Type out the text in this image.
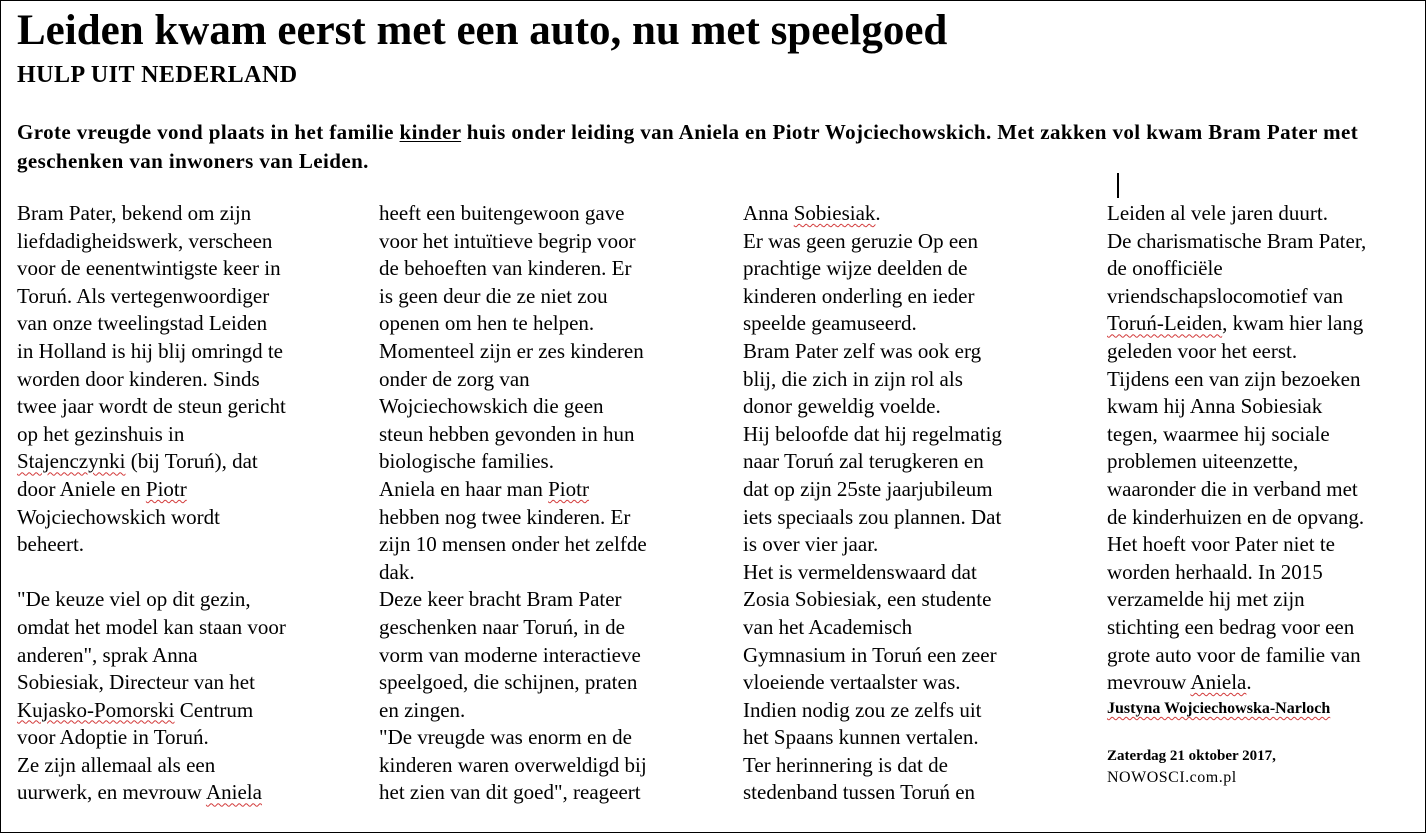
Leiden kwam eerst met een auto, nu met speelgoed
HULP UIT NEDERLAND

Grote vreugde vond plaats in het familie kinder huis onder leiding van Aniela en Piotr Wojciechowskich. Met zakken vol kwam Bram Pater met geschenken van inwoners van Leiden.

Bram Pater, bekend om zijn
liefdadigheidswerk, verscheen
voor de eenentwintigste keer in
Toruń. Als vertegenwoordiger
van onze tweelingstad Leiden
in Holland is hij blij omringd te
worden door kinderen. Sinds
twee jaar wordt de steun gericht
op het gezinshuis in
Stajenczynki (bij Toruń), dat
door Aniele en Piotr
Wojciechowskich wordt
beheert.
"De keuze viel op dit gezin,
omdat het model kan staan voor
anderen", sprak Anna
Sobiesiak, Directeur van het
Kujasko-Pomorski Centrum
voor Adoptie in Toruń.
Ze zijn allemaal als een
uurwerk, en mevrouw Aniela
heeft een buitengewoon gave
voor het intuïtieve begrip voor
de behoeften van kinderen. Er
is geen deur die ze niet zou
openen om hen te helpen.
Momenteel zijn er zes kinderen
onder de zorg van
Wojciechowskich die geen
steun hebben gevonden in hun
biologische families.
Aniela en haar man Piotr
hebben nog twee kinderen. Er
zijn 10 mensen onder het zelfde
dak.
Deze keer bracht Bram Pater
geschenken naar Toruń, in de
vorm van moderne interactieve
speelgoed, die schijnen, praten
en zingen.
"De vreugde was enorm en de
kinderen waren overweldigd bij
het zien van dit goed", reageert
Anna Sobiesiak.
Er was geen geruzie Op een
prachtige wijze deelden de
kinderen onderling en ieder
speelde geamuseerd.
Bram Pater zelf was ook erg
blij, die zich in zijn rol als
donor geweldig voelde.
Hij beloofde dat hij regelmatig
naar Toruń zal terugkeren en
dat op zijn 25ste jaarjubileum
iets speciaals zou plannen. Dat
is over vier jaar.
Het is vermeldenswaard dat
Zosia Sobiesiak, een studente
van het Academisch
Gymnasium in Toruń een zeer
vloeiende vertaalster was.
Indien nodig zou ze zelfs uit
het Spaans kunnen vertalen.
Ter herinnering is dat de
stedenband tussen Toruń en
Leiden al vele jaren duurt.
De charismatische Bram Pater,
de onofficiële
vriendschapslocomotief van
Toruń-Leiden, kwam hier lang
geleden voor het eerst.
Tijdens een van zijn bezoeken
kwam hij Anna Sobiesiak
tegen, waarmee hij sociale
problemen uiteenzette,
waaronder die in verband met
de kinderhuizen en de opvang.
Het hoeft voor Pater niet te
worden herhaald. In 2015
verzamelde hij met zijn
stichting een bedrag voor een
grote auto voor de familie van
mevrouw Aniela.

Justyna Wojciechowska-Narloch

Zaterdag 21 oktober 2017,

NOWOSCI.com.pl
